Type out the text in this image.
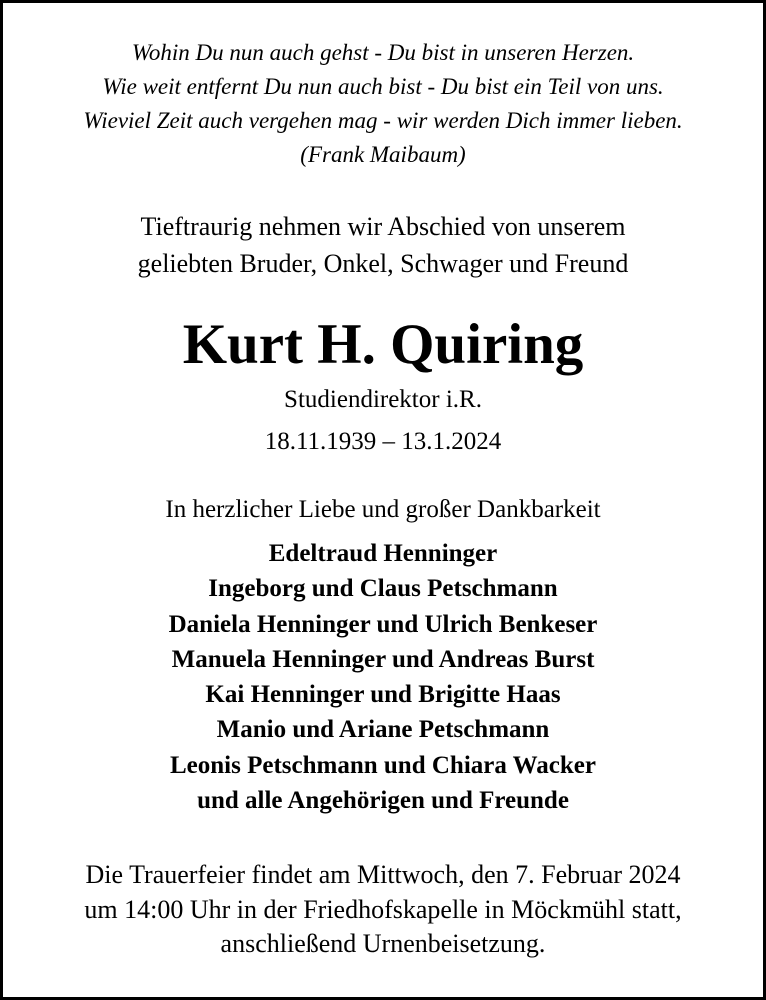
Wohin Du nun auch gehst - Du bist in unseren Herzen.
Wie weit entfernt Du nun auch bist - Du bist ein Teil von uns.
Wieviel Zeit auch vergehen mag - wir werden Dich immer lieben.
(Frank Maibaum)
Tieftraurig nehmen wir Abschied von unserem
geliebten Bruder, Onkel, Schwager und Freund
Kurt H. Quiring
Studiendirektor i.R.
18.11.1939 – 13.1.2024
In herzlicher Liebe und großer Dankbarkeit
Edeltraud Henninger
Ingeborg und Claus Petschmann
Daniela Henninger und Ulrich Benkeser
Manuela Henninger und Andreas Burst
Kai Henninger und Brigitte Haas
Manio und Ariane Petschmann
Leonis Petschmann und Chiara Wacker
und alle Angehörigen und Freunde
Die Trauerfeier findet am Mittwoch, den 7. Februar 2024
um 14:00 Uhr in der Friedhofskapelle in Möckmühl statt,
anschließend Urnenbeisetzung.
